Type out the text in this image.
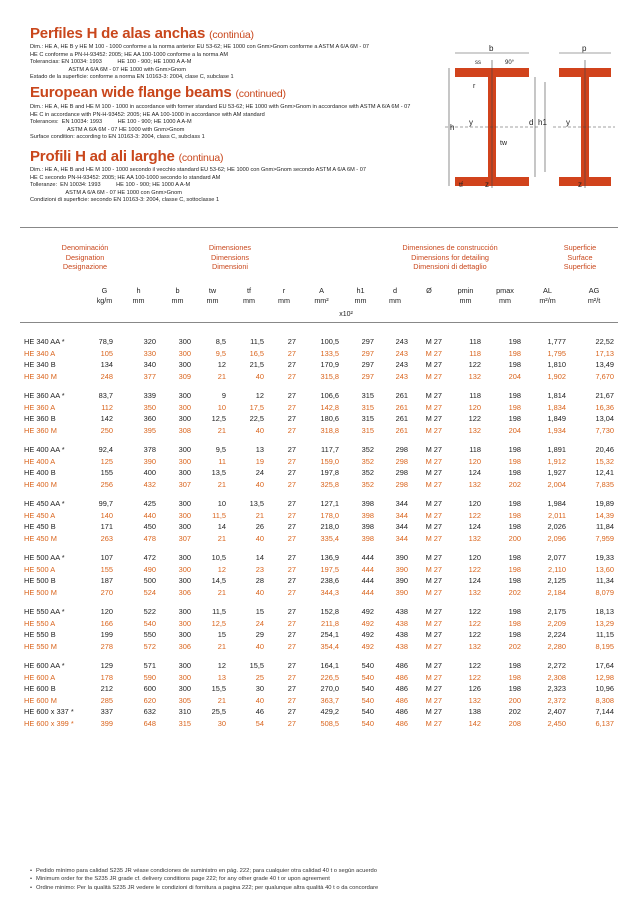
Perfiles H de alas anchas (continúa)
Dim.: HE A, HE B y HE M 100 - 1000 conforme a la norma anterior EU 53-62; HE 1000 con Gnm>Gnom conforme a ASTM A 6/A 6M - 07
HE C conforme a PN-H-93452: 2005; HE AA 100-1000 conforme a la norma AM
Tolerancias: EN 10034: 1993          HE 100 - 900; HE 1000 A A-M
ASTM A 6/A 6M - 07 HE 1000 with Gnm>Gnom
Estado de la superficie: conforme a norma EN 10163-3: 2004, clase C, subclase 1
European wide flange beams (continued)
Dim.: HE A, HE B and HE M 100 - 1000 in accordance with former standard EU 53-62; HE 1000 with Gnm>Gnom in accordance with ASTM A 6/A 6M - 07
HE C in accordance with PN-H-93452: 2005; HE AA 100-1000 in accordance with AM standard
Tolerances:  EN 10034: 1993          HE 100 - 900; HE 1000 A A-M
ASTM A 6/A 6M - 07 HE 1000 with Gnm>Gnom
Surface condition: according to EN 10163-3: 2004, class C, subclass 1
Profili H ad ali larghe (continua)
Dim.: HE A, HE B and HE M 100 - 1000 secondo il vecchio standard EU 53-62; HE 1000 con Gnm>Gnom secondo ASTM A 6/A 6M - 07
HE C secondo PN-H-93452: 2005; HE AA 100-1000 secondo lo standard AM
Tolleranze:  EN 10034: 1993          HE 100 - 900; HE 1000 A A-M
ASTM A 6/A 6M - 07 HE 1000 con Gnm>Gnom
Condizioni di superficie: secondo EN 10163-3: 2004, classe C, sottoclasse 1
b	p
ss	90°
r
h
y	d h1 y
tw
tf	z	z
Denominación
Designation
Designazione
Dimensiones
Dimensions
Dimensioni
Dimensiones de construcción
Dimensions for detailing
Dimensioni di dettaglio
Superficie
Surface
Superficie
G	h	b	tw	tf	r	A	h1	d	Ø	pmin	pmax	AL	AG
kg/m	mm	mm	mm	mm	mm	mm²	mm	mm	mm	mm	m²/m	m²/t
x10²
HE 340 AA *	78,9	320	300	8,5	11,5	27	100,5	297	243	M 27	118	198	1,777	22,52
HE 340 A	105	330	300	9,5	16,5	27	133,5	297	243	M 27	118	198	1,795	17,13
HE 340 B	134	340	300	12	21,5	27	170,9	297	243	M 27	122	198	1,810	13,49
HE 340 M	248	377	309	21	40	27	315,8	297	243	M 27	132	204	1,902	7,670

HE 360 AA *	83,7	339	300	9	12	27	106,6	315	261	M 27	118	198	1,814	21,67
HE 360 A	112	350	300	10	17,5	27	142,8	315	261	M 27	120	198	1,834	16,36
HE 360 B	142	360	300	12,5	22,5	27	180,6	315	261	M 27	122	198	1,849	13,04
HE 360 M	250	395	308	21	40	27	318,8	315	261	M 27	132	204	1,934	7,730

HE 400 AA *	92,4	378	300	9,5	13	27	117,7	352	298	M 27	118	198	1,891	20,46
HE 400 A	125	390	300	11	19	27	159,0	352	298	M 27	120	198	1,912	15,32
HE 400 B	155	400	300	13,5	24	27	197,8	352	298	M 27	124	198	1,927	12,41
HE 400 M	256	432	307	21	40	27	325,8	352	298	M 27	132	202	2,004	7,835

HE 450 AA *	99,7	425	300	10	13,5	27	127,1	398	344	M 27	120	198	1,984	19,89
HE 450 A	140	440	300	11,5	21	27	178,0	398	344	M 27	122	198	2,011	14,39
HE 450 B	171	450	300	14	26	27	218,0	398	344	M 27	124	198	2,026	11,84
HE 450 M	263	478	307	21	40	27	335,4	398	344	M 27	132	200	2,096	7,959

HE 500 AA *	107	472	300	10,5	14	27	136,9	444	390	M 27	120	198	2,077	19,33
HE 500 A	155	490	300	12	23	27	197,5	444	390	M 27	122	198	2,110	13,60
HE 500 B	187	500	300	14,5	28	27	238,6	444	390	M 27	124	198	2,125	11,34
HE 500 M	270	524	306	21	40	27	344,3	444	390	M 27	132	202	2,184	8,079

HE 550 AA *	120	522	300	11,5	15	27	152,8	492	438	M 27	122	198	2,175	18,13
HE 550 A	166	540	300	12,5	24	27	211,8	492	438	M 27	122	198	2,209	13,29
HE 550 B	199	550	300	15	29	27	254,1	492	438	M 27	122	198	2,224	11,15
HE 550 M	278	572	306	21	40	27	354,4	492	438	M 27	132	202	2,280	8,195

HE 600 AA *	129	571	300	12	15,5	27	164,1	540	486	M 27	122	198	2,272	17,64
HE 600 A	178	590	300	13	25	27	226,5	540	486	M 27	122	198	2,308	12,98
HE 600 B	212	600	300	15,5	30	27	270,0	540	486	M 27	126	198	2,323	10,96
HE 600 M	285	620	305	21	40	27	363,7	540	486	M 27	132	200	2,372	8,308
HE 600 x 337 *	337	632	310	25,5	46	27	429,2	540	486	M 27	138	202	2,407	7,144
HE 600 x 399 *	399	648	315	30	54	27	508,5	540	486	M 27	142	208	2,450	6,137
• Pedido mínimo para calidad S235 JR véase condiciones de suministro en pág. 222; para cualquier otra calidad 40 t o según acuerdo
• Minimum order for the S235 JR grade cf. delivery conditions page 222; for any other grade 40 t or upon agreement
• Ordine minimo: Per la qualità S235 JR vedere le condizioni di fornitura a pagina 222; per qualunque altra qualità 40 t o da concordare
